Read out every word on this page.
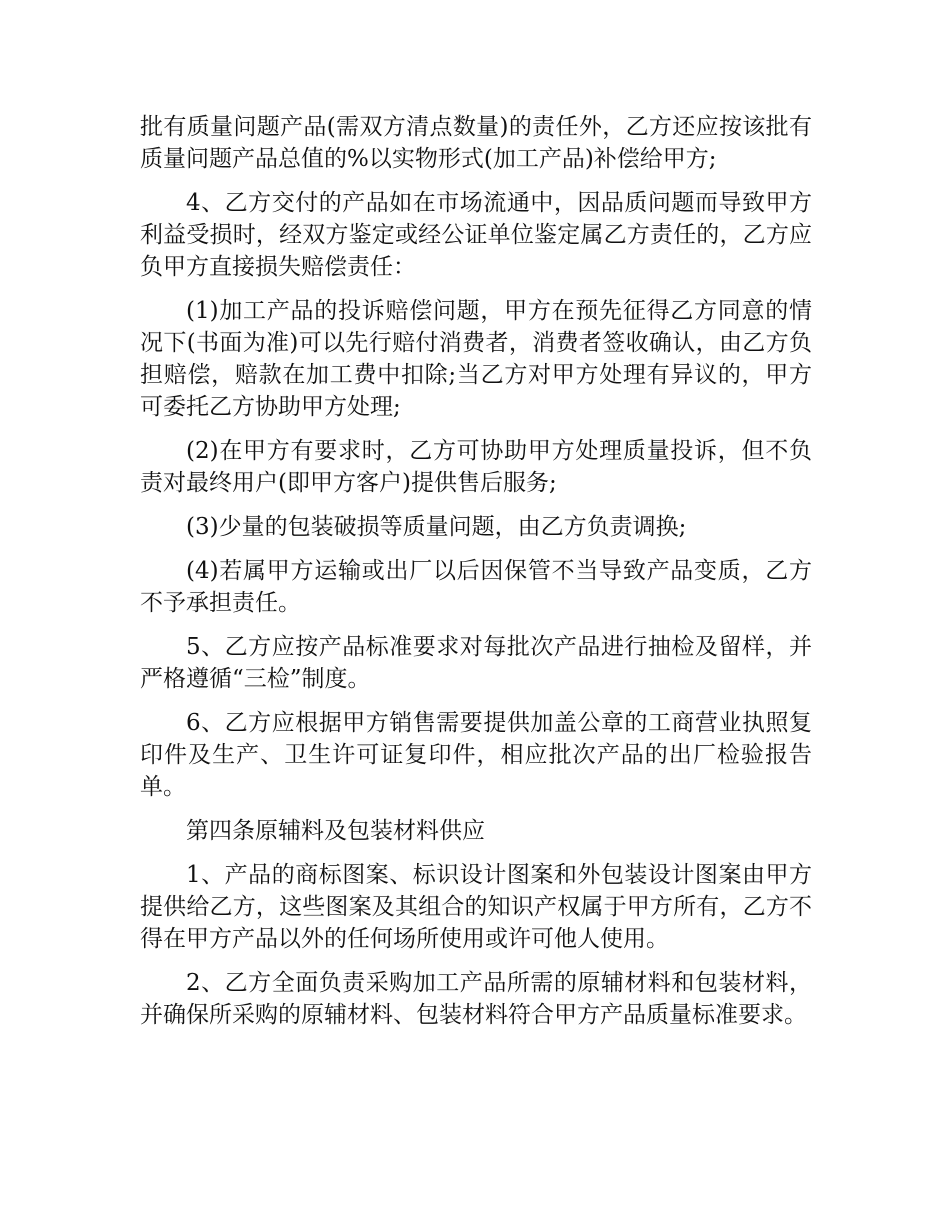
批有质量问题产品(需双方清点数量)的责任外，乙方还应按该批有质量问题产品总值的%以实物形式(加工产品)补偿给甲方;

4、乙方交付的产品如在市场流通中，因品质问题而导致甲方利益受损时，经双方鉴定或经公证单位鉴定属乙方责任的，乙方应负甲方直接损失赔偿责任：

(1)加工产品的投诉赔偿问题，甲方在预先征得乙方同意的情况下(书面为准)可以先行赔付消费者，消费者签收确认，由乙方负担赔偿，赔款在加工费中扣除;当乙方对甲方处理有异议的，甲方可委托乙方协助甲方处理;

(2)在甲方有要求时，乙方可协助甲方处理质量投诉，但不负责对最终用户(即甲方客户)提供售后服务;

(3)少量的包装破损等质量问题，由乙方负责调换;

(4)若属甲方运输或出厂以后因保管不当导致产品变质，乙方不予承担责任。

5、乙方应按产品标准要求对每批次产品进行抽检及留样，并严格遵循“三检”制度。

6、乙方应根据甲方销售需要提供加盖公章的工商营业执照复印件及生产、卫生许可证复印件，相应批次产品的出厂检验报告单。

第四条原辅料及包装材料供应

1、产品的商标图案、标识设计图案和外包装设计图案由甲方提供给乙方，这些图案及其组合的知识产权属于甲方所有，乙方不得在甲方产品以外的任何场所使用或许可他人使用。

2、乙方全面负责采购加工产品所需的原辅材料和包装材料，并确保所采购的原辅材料、包装材料符合甲方产品质量标准要求。
